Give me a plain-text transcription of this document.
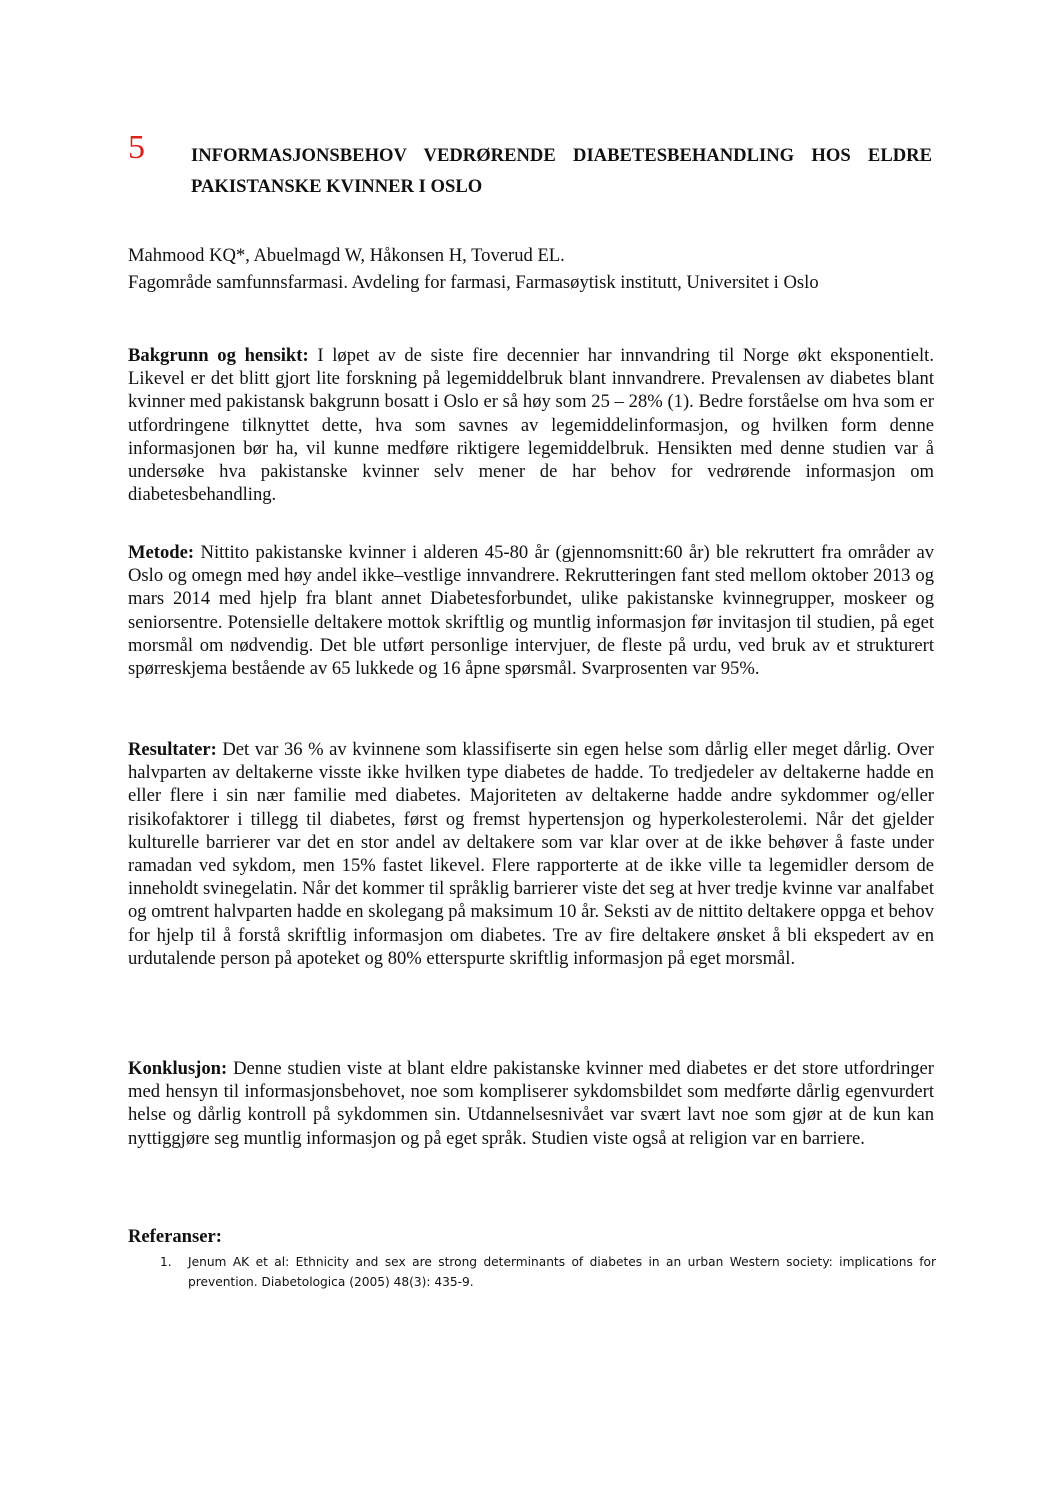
5 INFORMASJONSBEHOV VEDRØRENDE DIABETESBEHANDLING HOS ELDRE PAKISTANSKE KVINNER I OSLO
Mahmood KQ*, Abuelmagd W, Håkonsen H, Toverud EL.
Fagområde samfunnsfarmasi. Avdeling for farmasi, Farmasøytisk institutt, Universitet i Oslo
Bakgrunn og hensikt: I løpet av de siste fire decennier har innvandring til Norge økt eksponentielt. Likevel er det blitt gjort lite forskning på legemiddelbruk blant innvandrere. Prevalensen av diabetes blant kvinner med pakistansk bakgrunn bosatt i Oslo er så høy som 25 – 28% (1). Bedre forståelse om hva som er utfordringene tilknyttet dette, hva som savnes av legemiddelinformasjon, og hvilken form denne informasjonen bør ha, vil kunne medføre riktigere legemiddelbruk. Hensikten med denne studien var å undersøke hva pakistanske kvinner selv mener de har behov for vedrørende informasjon om diabetesbehandling.
Metode: Nittito pakistanske kvinner i alderen 45-80 år (gjennomsnitt:60 år) ble rekruttert fra områder av Oslo og omegn med høy andel ikke–vestlige innvandrere. Rekrutteringen fant sted mellom oktober 2013 og mars 2014 med hjelp fra blant annet Diabetesforbundet, ulike pakistanske kvinnegrupper, moskeer og seniorsentre. Potensielle deltakere mottok skriftlig og muntlig informasjon før invitasjon til studien, på eget morsmål om nødvendig. Det ble utført personlige intervjuer, de fleste på urdu, ved bruk av et strukturert spørreskjema bestående av 65 lukkede og 16 åpne spørsmål. Svarprosenten var 95%.
Resultater: Det var 36 % av kvinnene som klassifiserte sin egen helse som dårlig eller meget dårlig. Over halvparten av deltakerne visste ikke hvilken type diabetes de hadde. To tredjedeler av deltakerne hadde en eller flere i sin nær familie med diabetes. Majoriteten av deltakerne hadde andre sykdommer og/eller risikofaktorer i tillegg til diabetes, først og fremst hypertensjon og hyperkolesterolemi. Når det gjelder kulturelle barrierer var det en stor andel av deltakere som var klar over at de ikke behøver å faste under ramadan ved sykdom, men 15% fastet likevel. Flere rapporterte at de ikke ville ta legemidler dersom de inneholdt svinegelatin. Når det kommer til språklig barrierer viste det seg at hver tredje kvinne var analfabet og omtrent halvparten hadde en skolegang på maksimum 10 år. Seksti av de nittito deltakere oppga et behov for hjelp til å forstå skriftlig informasjon om diabetes. Tre av fire deltakere ønsket å bli ekspedert av en urdutalende person på apoteket og 80% etterspurte skriftlig informasjon på eget morsmål.
Konklusjon: Denne studien viste at blant eldre pakistanske kvinner med diabetes er det store utfordringer med hensyn til informasjonsbehovet, noe som kompliserer sykdomsbildet som medførte dårlig egenvurdert helse og dårlig kontroll på sykdommen sin. Utdannelsesnivået var svært lavt noe som gjør at de kun kan nyttiggjøre seg muntlig informasjon og på eget språk. Studien viste også at religion var en barriere.
Referanser:
1.	Jenum AK et al: Ethnicity and sex are strong determinants of diabetes in an urban Western society: implications for prevention. Diabetologica (2005) 48(3): 435-9.
